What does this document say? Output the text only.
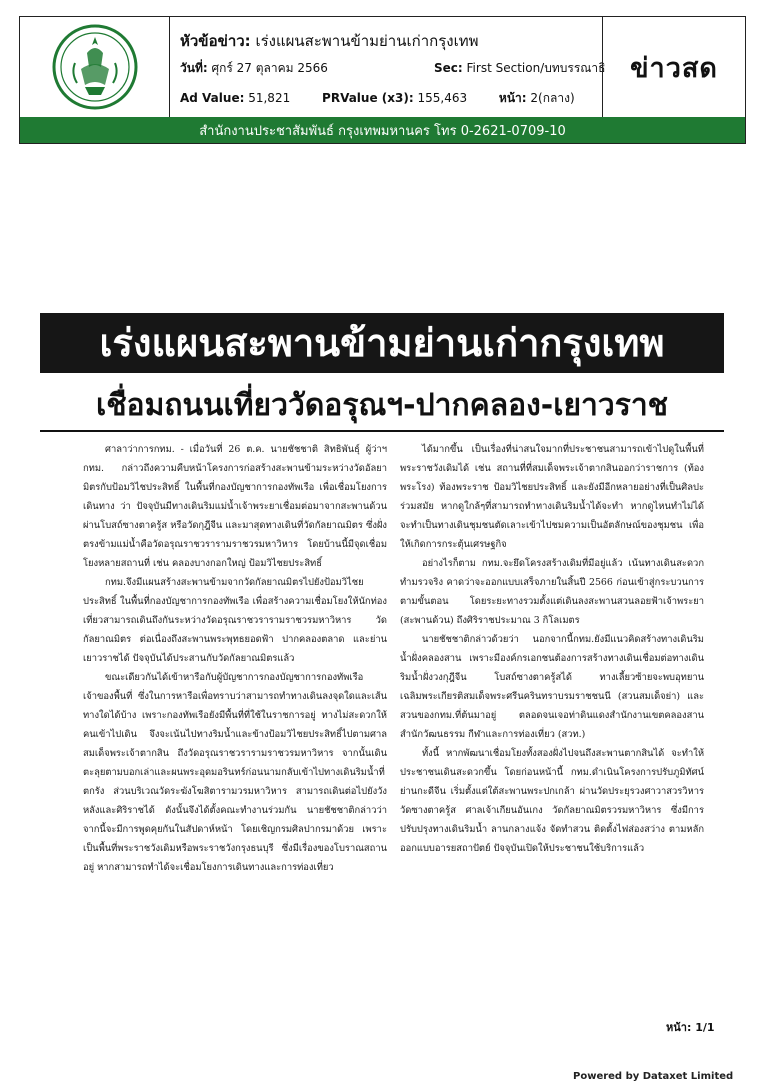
หัวข้อข่าว: เร่งแผนสะพานข้ามย่านเก่ากรุงเทพ
วันที่: ศุกร์ 27 ตุลาคม 2566	Sec: First Section/บทบรรณาธิ
Ad Value: 51,821	PRValue (x3): 155,463	หน้า: 2(กลาง)
ข่าวสด
สำนักงานประชาสัมพันธ์ กรุงเทพมหานคร โทร 0-2621-0709-10
เร่งแผนสะพานข้ามย่านเก่ากรุงเทพ
เชื่อมถนนเที่ยววัดอรุณฯ-ปากคลอง-เยาวราช

ศาลาว่าการกทม. - เมื่อวันที่ 26 ต.ค. นายชัชชาติ สิทธิพันธุ์ ผู้ว่าฯ กทม. กล่าวถึงความคืบหน้าโครงการก่อสร้างสะพานข้ามระหว่างวัดอัลยามิตรกับป้อมวิไชประสิทธิ์ ในพื้นที่กองบัญชาการกองทัพเรือ เพื่อเชื่อมโยงการเดินทาง ว่า ปัจจุบันมีทางเดินริมแม่น้ำเจ้าพระยาเชื่อมต่อมาจากสะพานด้วน ผ่านโบสถ์ซางตาครู้ส หรือวัดกุฎีจีน และมาสุดทางเดินที่วัดกัลยาณมิตร ซึ่งฝั่งตรงข้ามแม่น้ำคือวัดอรุณราชวรารามราชวรมหาวิหาร โดยบ้านนี้มีจุดเชื่อมโยงหลายสถานที่ เช่น คลองบางกอกใหญ่ ป้อมวิไชยประสิทธิ์

กทม.จึงมีแผนสร้างสะพานข้ามจากวัดกัลยาณมิตรไปยังป้อมวิไชยประสิทธิ์ ในพื้นที่กองบัญชาการกองทัพเรือ เพื่อสร้างความเชื่อมโยงให้นักท่องเที่ยวสามารถเดินถึงกันระหว่างวัดอรุณราชวรารามราชวรมหาวิหาร วัดกัลยาณมิตร ต่อเนื่องถึงสะพานพระพุทธยอดฟ้า ปากคลองตลาด และย่านเยาวราชได้ ปัจจุบันได้ประสานกับวัดกัลยาณมิตรแล้ว

ขณะเดียวกันได้เข้าหารือกับผู้บัญชาการกองบัญชาการกองทัพเรือเจ้าของพื้นที่ ซึ่งในการหารือเพื่อทราบว่าสามารถทำทางเดินลงจุดใดและเส้นทางใดได้บ้าง เพราะกองทัพเรือยังมีพื้นที่ที่ใช้ในราชการอยู่ ทางไม่สะดวกให้คนเข้าไปเดิน จึงจะเน้นไปทางริมน้ำและข้างป้อมวิไชยประสิทธิ์ไปตามศาลสมเด็จพระเจ้าตากสิน ถึงวัดอรุณราชวรารามราชวรมหาวิหาร จากนั้นเดินตะลุยตามบอกเล่าและผนพระอุดมอรินทร์ก่อนนามกลับเข้าไปทางเดินริมน้ำที่ตกรัง ส่วนบริเวณวัดระฆังโฆสิตารามวรมหาวิหาร สามารถเดินต่อไปยังวังหลังและศิริราชได้ ดังนั้นจึงได้ตั้งคณะทำงานร่วมกัน นายชัชชาติกล่าวว่า จากนี้จะมีการพูดคุยกันในสัปดาห์หน้า โดยเชิญกรมศิลปากรมาด้วย เพราะเป็นพื้นที่พระราชวังเดิมหรือพระราชวังกรุงธนบุรี ซึ่งมีเรื่องของโบราณสถานอยู่ หากสามารถทำได้จะเชื่อมโยงการเดินทางและการท่องเที่ยว

ได้มากขึ้น เป็นเรื่องที่น่าสนใจมากที่ประชาชนสามารถเข้าไปดูในพื้นที่พระราชวังเดิมได้ เช่น สถานที่ที่สมเด็จพระเจ้าตากสินออกว่าราชการ (ท้องพระโรง) ท้องพระราช ป้อมวิไชยประสิทธิ์ และยังมีอีกหลายอย่างที่เป็นศิลปะร่วมสมัย หากดูใกล้ๆที่สามารถทำทางเดินริมน้ำได้จะทำ หากดูไหนทำไม่ได้ จะทำเป็นทางเดินชุมชนตัดเลาะเข้าไปชมความเป็นอัตลักษณ์ของชุมชน เพื่อให้เกิดการกระตุ้นเศรษฐกิจ

อย่างไรก็ตาม กทม.จะยึดโครงสร้างเดิมที่มีอยู่แล้ว เน้นทางเดินสะดวก ทำมรวจริง คาดว่าจะออกแบบเสร็จภายในสิ้นปี 2566 ก่อนเข้าสู่กระบวนการตามขั้นตอน โดยระยะทางรวมตั้งแต่เดินลงสะพานสวนลอยฟ้าเจ้าพระยา (สะพานด้วน) ถึงศิริราชประมาณ 3 กิโลเมตร

นายชัชชาติกล่าวด้วยว่า นอกจากนี้กทม.ยังมีแนวคิดสร้างทางเดินริมน้ำฝั่งคลองสาน เพราะมีองค์กรเอกชนต้องการสร้างทางเดินเชื่อมต่อทางเดินริมน้ำฝั่งวงกุฎีจีน โบสถ์ซางตาครู้สได้ ทางเลี้ยวซ้ายจะพบอุทยานเฉลิมพระเกียรติสมเด็จพระศรีนครินทราบรมราชชนนี (สวนสมเด็จย่า) และสวนของกทม.ที่ต้นมาอยู่ ตลอดจนเจอท่าดินแดงสำนักงานเขตคลองสาน สำนักวัฒนธรรม กีฬาและการท่องเที่ยว (สวท.)

ทั้งนี้ หากพัฒนาเชื่อมโยงทั้งสองฝั่งไปจนถึงสะพานตากสินได้ จะทำให้ประชาชนเดินสะดวกขึ้น โดยก่อนหน้านี้ กทม.ดำเนินโครงการปรับภูมิทัศน์ย่านกะดีจีน เริ่มตั้งแต่ใต้สะพานพระปกเกล้า ผ่านวัดประยุรวงศาวาสวรวิหาร วัดซางตาครู้ส ศาลเจ้าเกียนอันเกง วัดกัลยาณมิตรวรมหาวิหาร ซึ่งมีการปรับปรุงทางเดินริมน้ำ ลานกลางแจ้ง จัดทำสวน ติดตั้งไฟส่องสว่าง ตามหลักออกแบบอารยสถาปัตย์ ปัจจุบันเปิดให้ประชาชนใช้บริการแล้ว

หน้า: 1/1
Powered by Dataxet Limited
